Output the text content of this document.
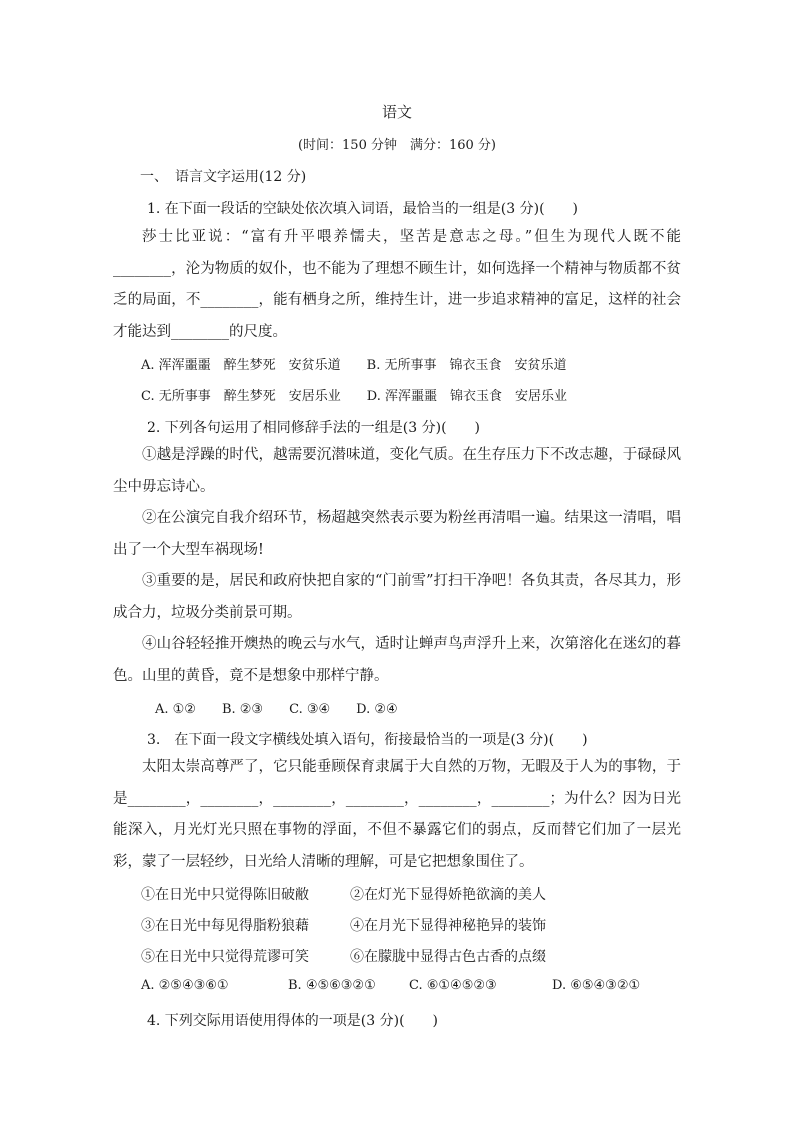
语文
(时间：150 分钟　满分：160 分)
一、　语言文字运用(12 分)
1. 在下面一段话的空缺处依次填入词语，最恰当的一组是(3 分)(　　)
莎士比亚说：“富有升平喂养懦夫，坚苦是意志之母。”但生为现代人既不能________，沦为物质的奴仆，也不能为了理想不顾生计，如何选择一个精神与物质都不贫乏的局面，不________，能有栖身之所，维持生计，进一步追求精神的富足，这样的社会才能达到________的尺度。
A. 浑浑噩噩　醉生梦死　安贫乐道　　B. 无所事事　锦衣玉食　安贫乐道
C. 无所事事　醉生梦死　安居乐业　　D. 浑浑噩噩　锦衣玉食　安居乐业
2. 下列各句运用了相同修辞手法的一组是(3 分)(　　)
①越是浮躁的时代，越需要沉潜味道，变化气质。在生存压力下不改志趣，于碌碌风尘中毋忘诗心。
②在公演完自我介绍环节，杨超越突然表示要为粉丝再清唱一遍。结果这一清唱，唱出了一个大型车祸现场!
③重要的是，居民和政府快把自家的“门前雪”打扫干净吧！各负其责，各尽其力，形成合力，垃圾分类前景可期。
④山谷轻轻推开燠热的晚云与水气，适时让蝉声鸟声浮升上来，次第溶化在迷幻的暮色。山里的黄昏，竟不是想象中那样宁静。
A. ①②　　B. ②③　　C. ③④　　D. ②④
3.　在下面一段文字横线处填入语句，衔接最恰当的一项是(3 分)(　　)
太阳太崇高尊严了，它只能垂顾保育隶属于大自然的万物，无暇及于人为的事物，于是________，________，________，________，________，________；为什么？因为日光能深入，月光灯光只照在事物的浮面，不但不暴露它们的弱点，反而替它们加了一层光彩，蒙了一层轻纱，日光给人清晰的理解，可是它把想象围住了。
①在日光中只觉得陈旧破敝	②在灯光下显得娇艳欲滴的美人
③在日光中每见得脂粉狼藉	④在月光下显得神秘艳异的装饰
⑤在日光中只觉得荒谬可笑	⑥在朦胧中显得古色古香的点缀
A. ②⑤④③⑥①	B. ④⑤⑥③②①	C. ⑥①④⑤②③	D. ⑥⑤④③②①
4. 下列交际用语使用得体的一项是(3 分)(　　)
